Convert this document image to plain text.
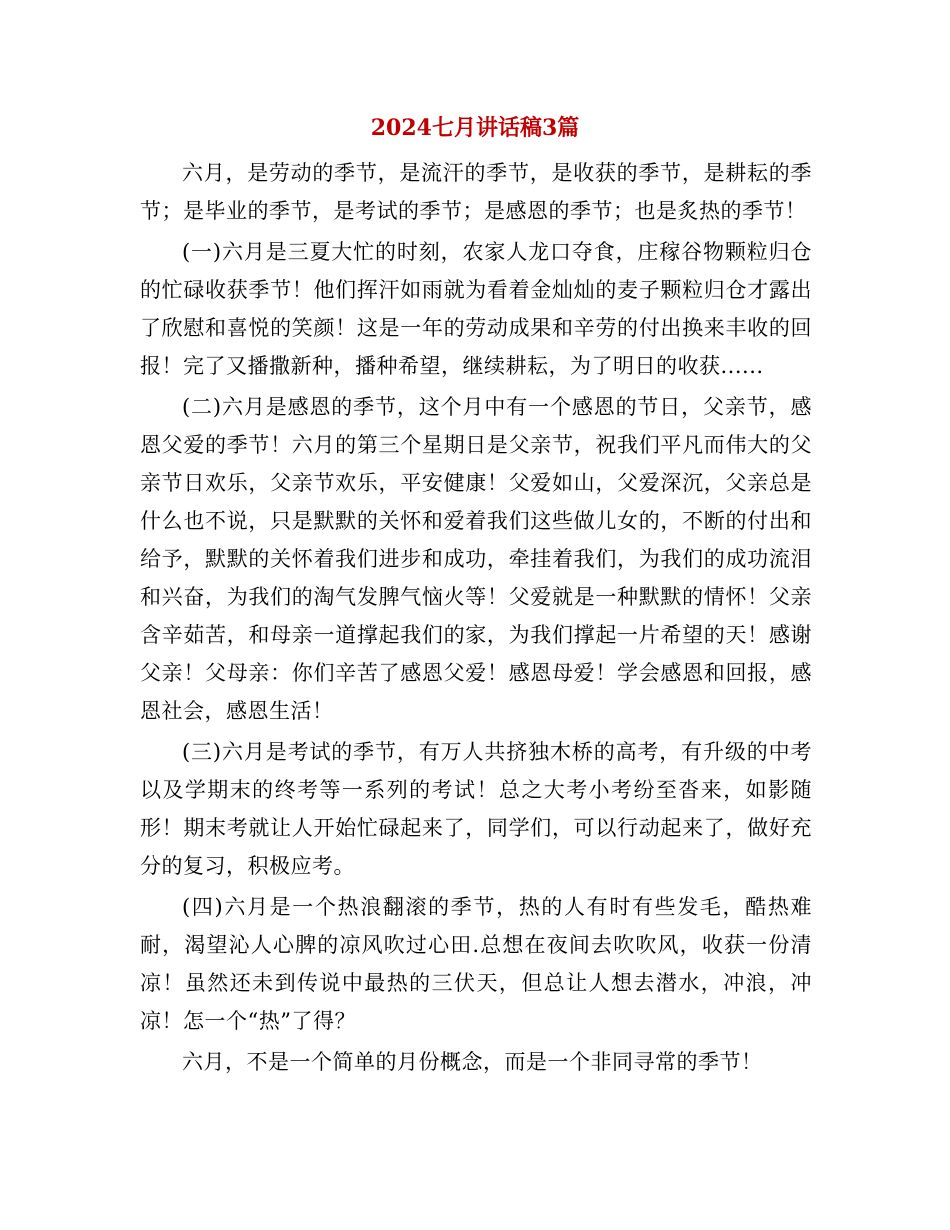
2024七月讲话稿3篇

六月，是劳动的季节，是流汗的季节，是收获的季节，是耕耘的季节；是毕业的季节，是考试的季节；是感恩的季节；也是炙热的季节！

(一)六月是三夏大忙的时刻，农家人龙口夺食，庄稼谷物颗粒归仓的忙碌收获季节！他们挥汗如雨就为看着金灿灿的麦子颗粒归仓才露出了欣慰和喜悦的笑颜！这是一年的劳动成果和辛劳的付出换来丰收的回报！完了又播撒新种，播种希望，继续耕耘，为了明日的收获......

(二)六月是感恩的季节，这个月中有一个感恩的节日，父亲节，感恩父爱的季节！六月的第三个星期日是父亲节，祝我们平凡而伟大的父亲节日欢乐，父亲节欢乐，平安健康！父爱如山，父爱深沉，父亲总是什么也不说，只是默默的关怀和爱着我们这些做儿女的，不断的付出和给予，默默的关怀着我们进步和成功，牵挂着我们，为我们的成功流泪和兴奋，为我们的淘气发脾气恼火等！父爱就是一种默默的情怀！父亲含辛茹苦，和母亲一道撑起我们的家，为我们撑起一片希望的天！感谢父亲！父母亲：你们辛苦了感恩父爱！感恩母爱！学会感恩和回报，感恩社会，感恩生活！

(三)六月是考试的季节，有万人共挤独木桥的高考，有升级的中考以及学期末的终考等一系列的考试！总之大考小考纷至沓来，如影随形！期末考就让人开始忙碌起来了，同学们，可以行动起来了，做好充分的复习，积极应考。

(四)六月是一个热浪翻滚的季节，热的人有时有些发毛，酷热难耐，渴望沁人心脾的凉风吹过心田.总想在夜间去吹吹风，收获一份清凉！虽然还未到传说中最热的三伏天，但总让人想去潜水，冲浪，冲凉！怎一个“热”了得？

六月，不是一个简单的月份概念，而是一个非同寻常的季节！
